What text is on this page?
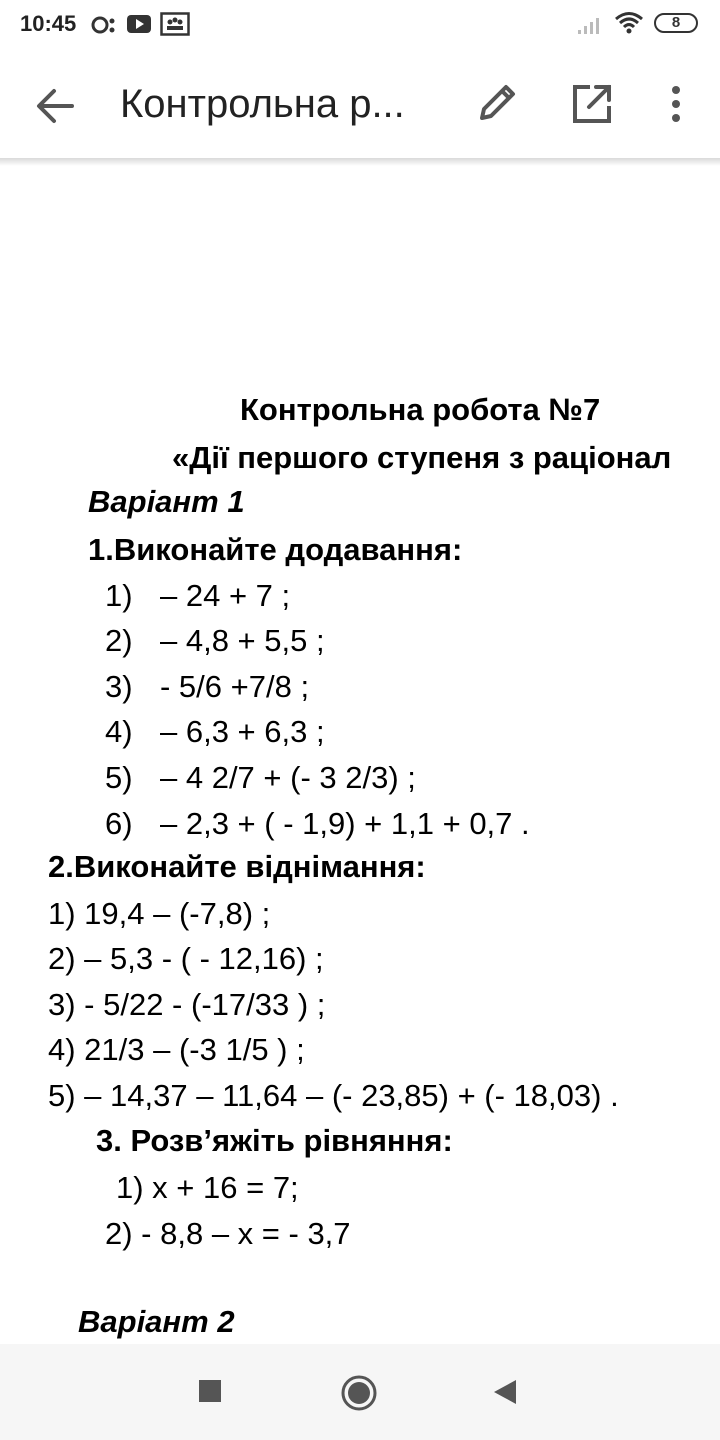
10:45	8
Контрольна р...
Контрольна робота №7
«Дії першого ступеня з раціонал
Варіант 1
1.Виконайте додавання:
1) – 24 + 7 ;
2) – 4,8 + 5,5 ;
3) - 5/6 +7/8 ;
4) – 6,3 + 6,3 ;
5) – 4 2/7 + (- 3 2/3) ;
6) – 2,3 + ( - 1,9) + 1,1 + 0,7 .
2.Виконайте віднімання:
1) 19,4 – (-7,8) ;
2) – 5,3 - ( - 12,16) ;
3) - 5/22 - (-17/33 ) ;
4) 21/3 – (-3 1/5 ) ;
5) – 14,37 – 11,64 – (- 23,85) + (- 18,03) .
3. Розв’яжіть рівняння:
1) х + 16 = 7;
2) - 8,8 – х = - 3,7
Варіант 2
